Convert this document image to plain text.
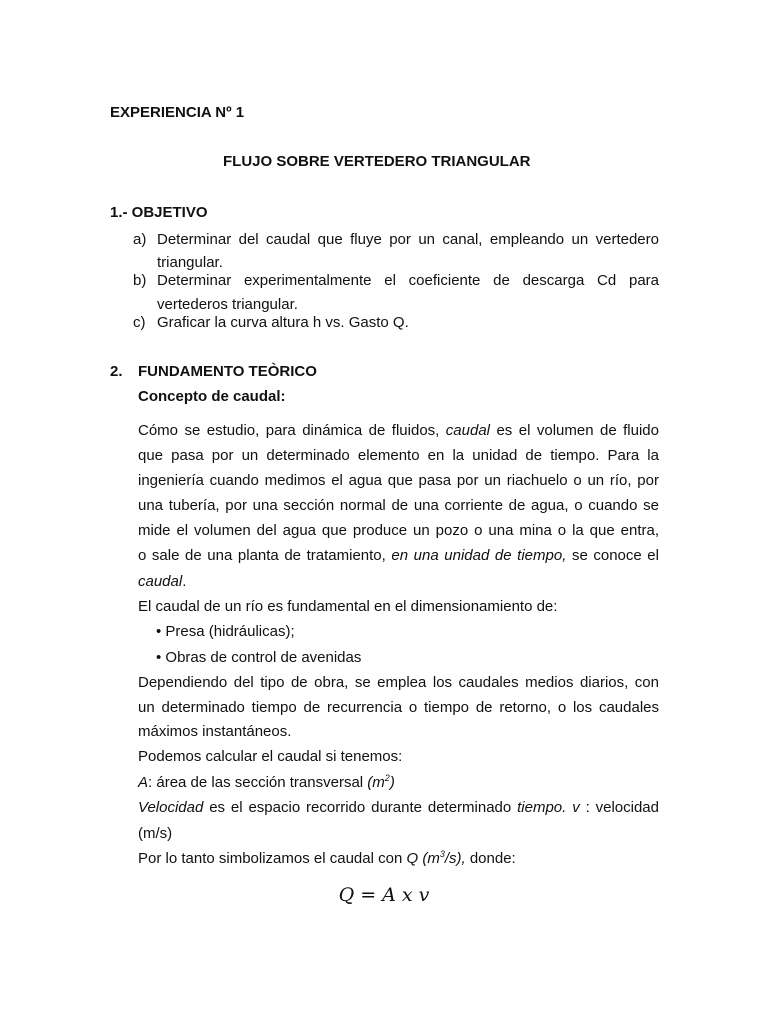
EXPERIENCIA Nº 1
FLUJO SOBRE VERTEDERO TRIANGULAR
1.- OBJETIVO
a) Determinar del caudal que fluye por un canal, empleando un vertedero
triangular.
b) Determinar experimentalmente el coeficiente de descarga Cd para
vertederos triangular.
c) Graficar la curva altura h vs. Gasto Q.
2. FUNDAMENTO TEÒRICO
Concepto de caudal:
Cómo se estudio, para dinámica de fluidos, caudal es el volumen de fluido
que pasa por un determinado elemento en la unidad de tiempo. Para la
ingeniería cuando medimos el agua que pasa por un riachuelo o un río, por
una tubería, por una sección normal de una corriente de agua, o cuando se
mide el volumen del agua que produce un pozo o una mina o la que entra,
o sale de una planta de tratamiento, en una unidad de tiempo, se conoce el
caudal.
El caudal de un río es fundamental en el dimensionamiento de:
• Presa (hidráulicas);
• Obras de control de avenidas
Dependiendo del tipo de obra, se emplea los caudales medios diarios, con
un determinado tiempo de recurrencia o tiempo de retorno, o los caudales
máximos instantáneos.
Podemos calcular el caudal si tenemos:
A: área de las sección transversal $(m^2)$
Velocidad es el espacio recorrido durante determinado tiempo. v : velocidad
(m/s)
Por lo tanto simbolizamos el caudal con Q $(m^3/s)$, donde:
Q = A x v
